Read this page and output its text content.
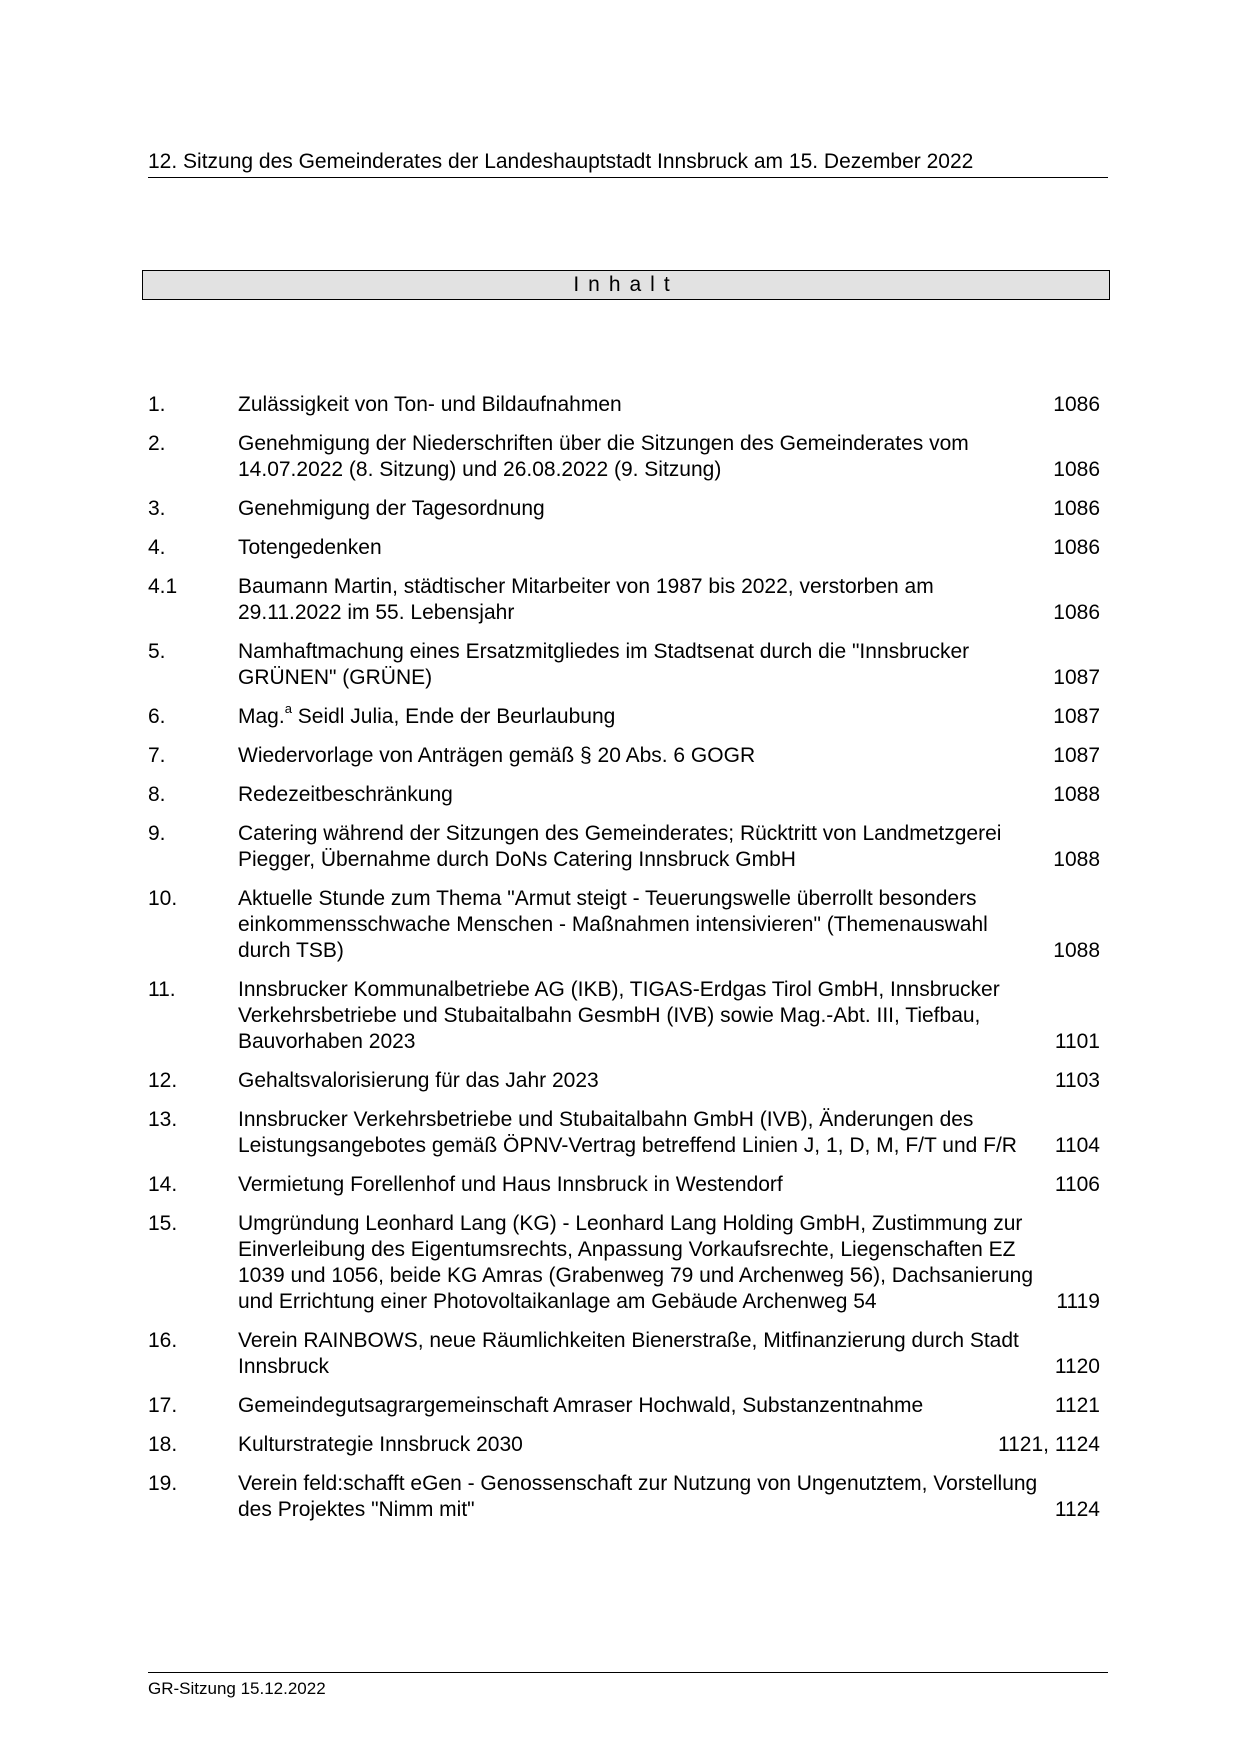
12. Sitzung des Gemeinderates der Landeshauptstadt Innsbruck am 15. Dezember 2022
Inhalt
1.	Zulässigkeit von Ton- und Bildaufnahmen	1086
2.	Genehmigung der Niederschriften über die Sitzungen des Gemeinderates vom 14.07.2022 (8. Sitzung) und 26.08.2022 (9. Sitzung)	1086
3.	Genehmigung der Tagesordnung	1086
4.	Totengedenken	1086
4.1	Baumann Martin, städtischer Mitarbeiter von 1987 bis 2022, verstorben am 29.11.2022 im 55. Lebensjahr	1086
5.	Namhaftmachung eines Ersatzmitgliedes im Stadtsenat durch die "Innsbrucker GRÜNEN" (GRÜNE)	1087
6.	Mag.$^a$ Seidl Julia, Ende der Beurlaubung	1087
7.	Wiedervorlage von Anträgen gemäß § 20 Abs. 6 GOGR	1087
8.	Redezeitbeschränkung	1088
9.	Catering während der Sitzungen des Gemeinderates; Rücktritt von Landmetzgerei Piegger, Übernahme durch DoNs Catering Innsbruck GmbH	1088
10.	Aktuelle Stunde zum Thema "Armut steigt - Teuerungswelle überrollt besonders einkommensschwache Menschen - Maßnahmen intensivieren" (Themenauswahl durch TSB)	1088
11.	Innsbrucker Kommunalbetriebe AG (IKB), TIGAS-Erdgas Tirol GmbH, Innsbrucker Verkehrsbetriebe und Stubaitalbahn GesmbH (IVB) sowie Mag.-Abt. III, Tiefbau, Bauvorhaben 2023	1101
12.	Gehaltsvalorisierung für das Jahr 2023	1103
13.	Innsbrucker Verkehrsbetriebe und Stubaitalbahn GmbH (IVB), Änderungen des Leistungsangebotes gemäß ÖPNV-Vertrag betreffend Linien J, 1, D, M, F/T und F/R	1104
14.	Vermietung Forellenhof und Haus Innsbruck in Westendorf	1106
15.	Umgründung Leonhard Lang (KG) - Leonhard Lang Holding GmbH, Zustimmung zur Einverleibung des Eigentumsrechts, Anpassung Vorkaufsrechte, Liegenschaften EZ 1039 und 1056, beide KG Amras (Grabenweg 79 und Archenweg 56), Dachsanierung und Errichtung einer Photovoltaikanlage am Gebäude Archenweg 54	1119
16.	Verein RAINBOWS, neue Räumlichkeiten Bienerstraße, Mitfinanzierung durch Stadt Innsbruck	1120
17.	Gemeindegutsagrargemeinschaft Amraser Hochwald, Substanzentnahme	1121
18.	Kulturstrategie Innsbruck 2030	1121, 1124
19.	Verein feld:schafft eGen - Genossenschaft zur Nutzung von Ungenutztem, Vorstellung des Projektes "Nimm mit"	1124
GR-Sitzung 15.12.2022
